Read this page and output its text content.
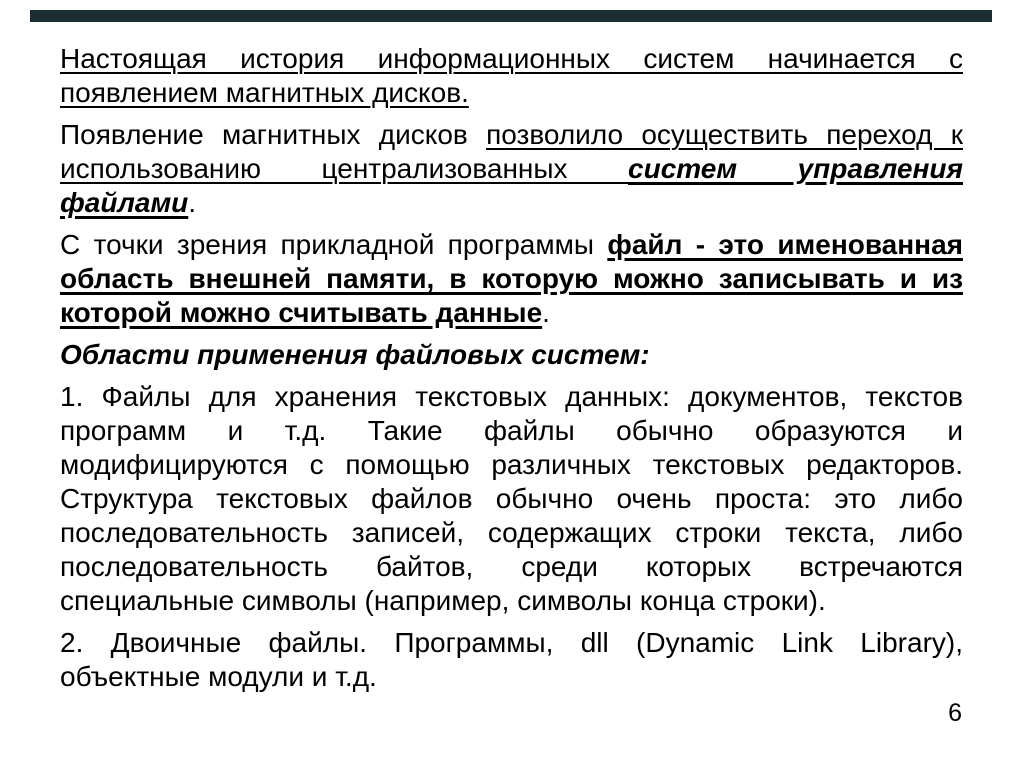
Настоящая история информационных систем начинается с
появлением магнитных дисков.
Появление магнитных дисков позволило осуществить переход к
использованию централизованных систем управления
файлами.
С точки зрения прикладной программы файл - это именованная
область внешней памяти, в которую можно записывать и из
которой можно считывать данные.
Области применения файловых систем:
1. Файлы для хранения текстовых данных: документов, текстов
программ и т.д. Такие файлы обычно образуются и
модифицируются с помощью различных текстовых редакторов.
Структура текстовых файлов обычно очень проста: это либо
последовательность записей, содержащих строки текста, либо
последовательность байтов, среди которых встречаются
специальные символы (например, символы конца строки).
2. Двоичные файлы. Программы, dll (Dynamic Link Library),
объектные модули и т.д.
6
